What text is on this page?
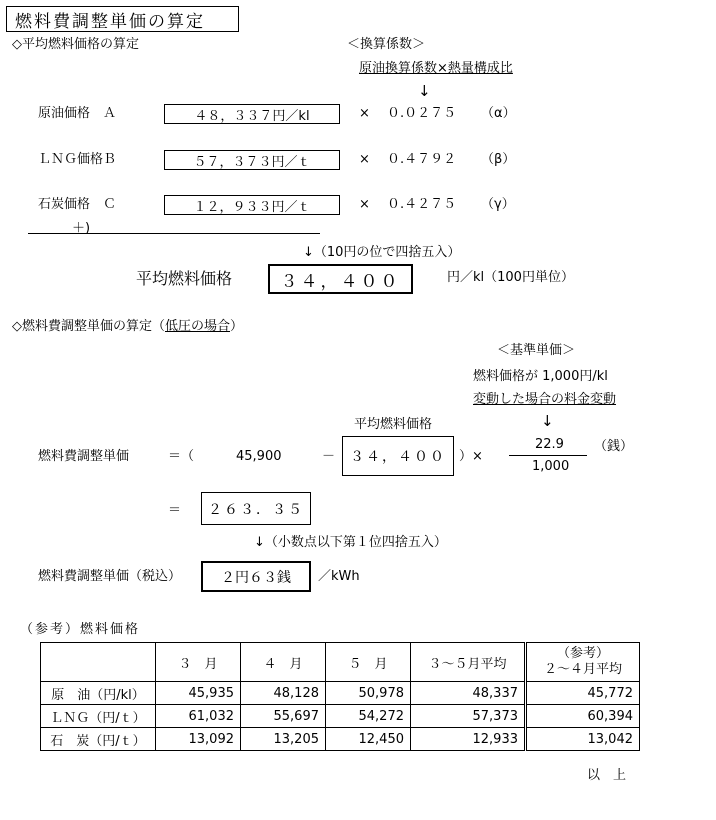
燃料費調整単価の算定
◇平均燃料価格の算定	＜換算係数＞
原油換算係数×熱量構成比
↓
原油価格　Ａ	４８，３３７円／kl	× ０.０２７５ （α）
ＬＮＧ価格Ｂ	５７，３７３円／ｔ	× ０.４７９２ （β）
石炭価格　Ｃ	１２，９３３円／ｔ	× ０.４２７５ （γ）
＋)
↓（10円の位で四捨五入）
平均燃料価格	３４，４００	円／kl（100円単位）
◇燃料費調整単価の算定（低圧の場合）
＜基準単価＞
燃料価格が 1,000円/kl
変動した場合の料金変動
↓
平均燃料価格
燃料費調整単価	＝（	45,900	－ ３４，４００ ）×
22.9
1,000
（銭）
＝ ２６３．３５
↓（小数点以下第１位四捨五入）
燃料費調整単価（税込）	２円６３銭 ／kWh
（参考）燃料価格
	３　月	４　月	５　月	３～５月平均	（参考）
２～４月平均

原　油（円/kl）	45,935	48,128	50,978	48,337	45,772
ＬＮＧ（円/ｔ）	61,032	55,697	54,272	57,373	60,394
石　炭（円/ｔ）	13,092	13,205	12,450	12,933	13,042
以　上
